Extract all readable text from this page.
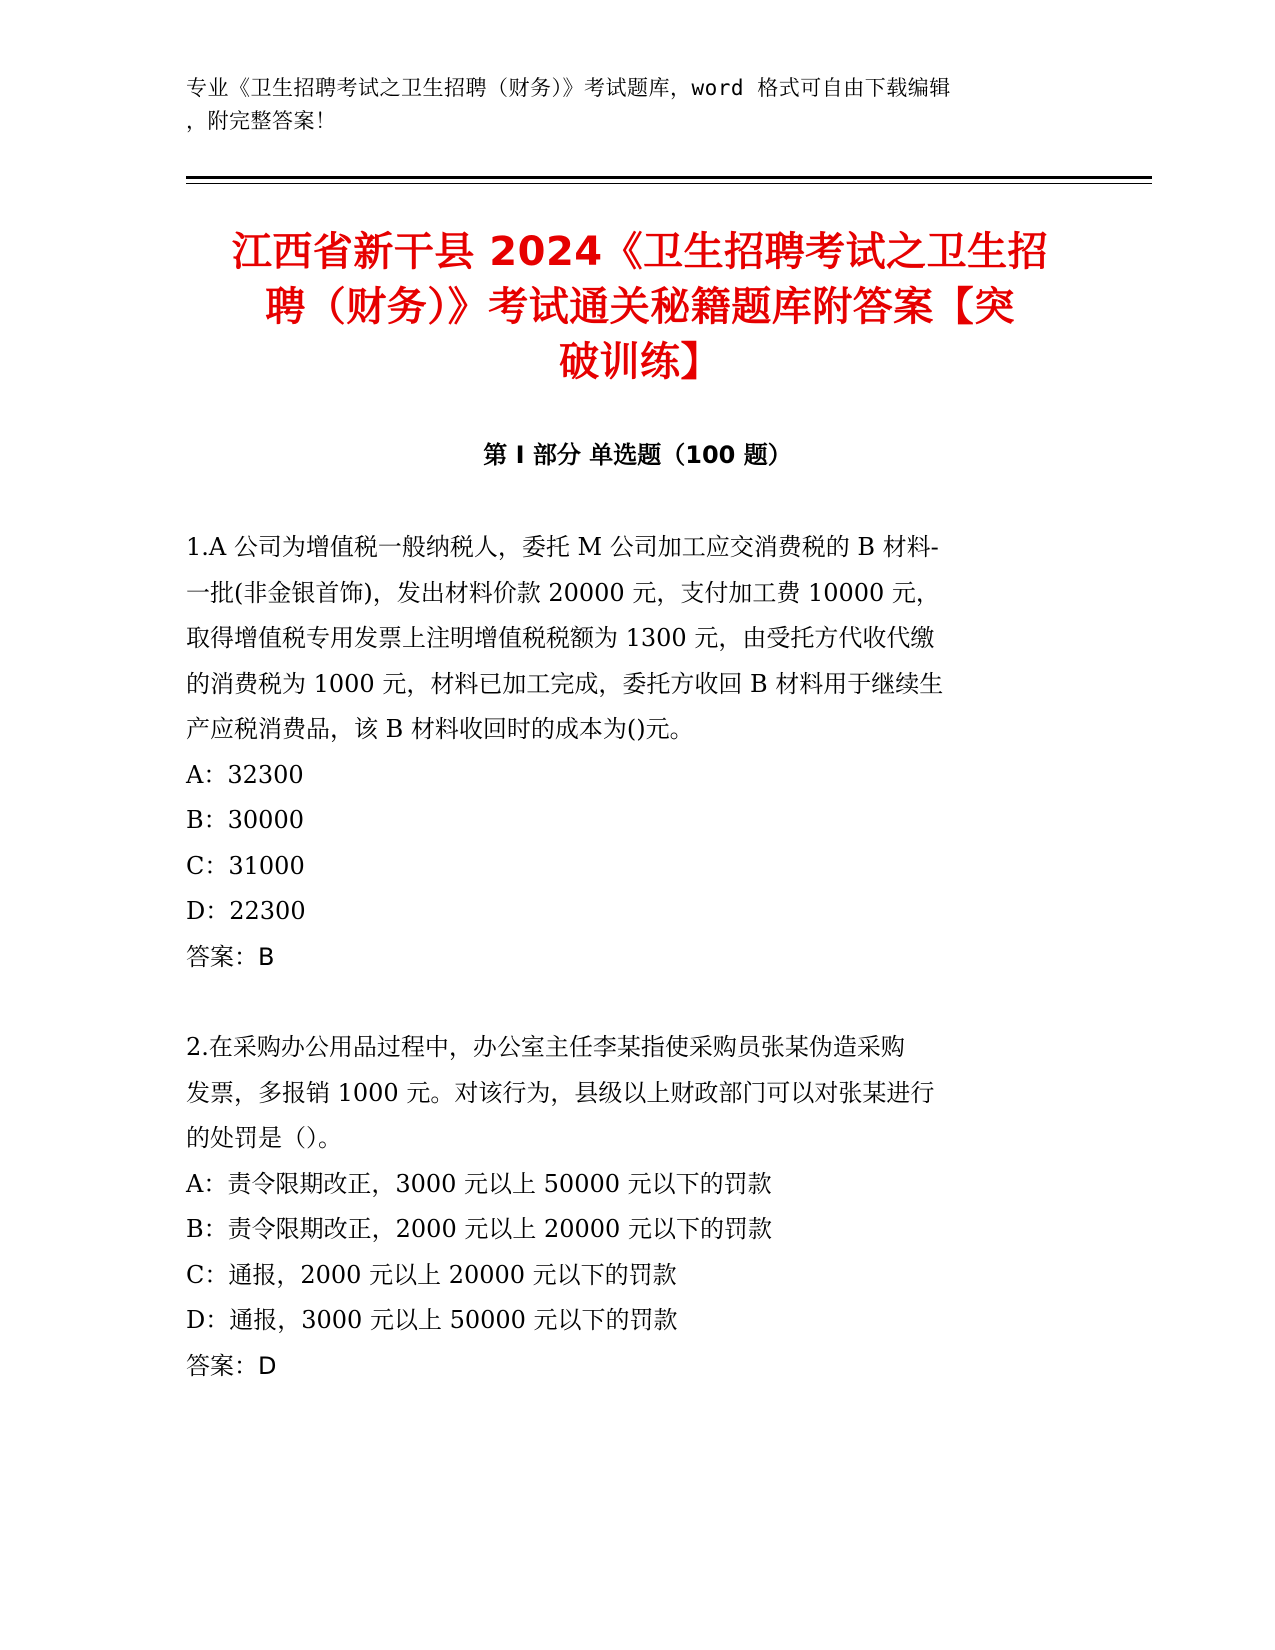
专业《卫生招聘考试之卫生招聘（财务）》考试题库，word 格式可自由下载编辑
，附完整答案！
江西省新干县 2024《卫生招聘考试之卫生招
聘（财务）》考试通关秘籍题库附答案【突
破训练】
第 I 部分 单选题（100 题）
1.A 公司为增值税一般纳税人，委托 M 公司加工应交消费税的 B 材料-
一批(非金银首饰)，发出材料价款 20000 元，支付加工费 10000 元，
取得增值税专用发票上注明增值税税额为 1300 元，由受托方代收代缴
的消费税为 1000 元，材料已加工完成，委托方收回 B 材料用于继续生
产应税消费品，该 B 材料收回时的成本为()元。
A：32300
B：30000
C：31000
D：22300
答案：B
2.在采购办公用品过程中，办公室主任李某指使采购员张某伪造采购
发票，多报销 1000 元。对该行为，县级以上财政部门可以对张某进行
的处罚是（）。
A：责令限期改正，3000 元以上 50000 元以下的罚款
B：责令限期改正，2000 元以上 20000 元以下的罚款
C：通报，2000 元以上 20000 元以下的罚款
D：通报，3000 元以上 50000 元以下的罚款
答案：D
